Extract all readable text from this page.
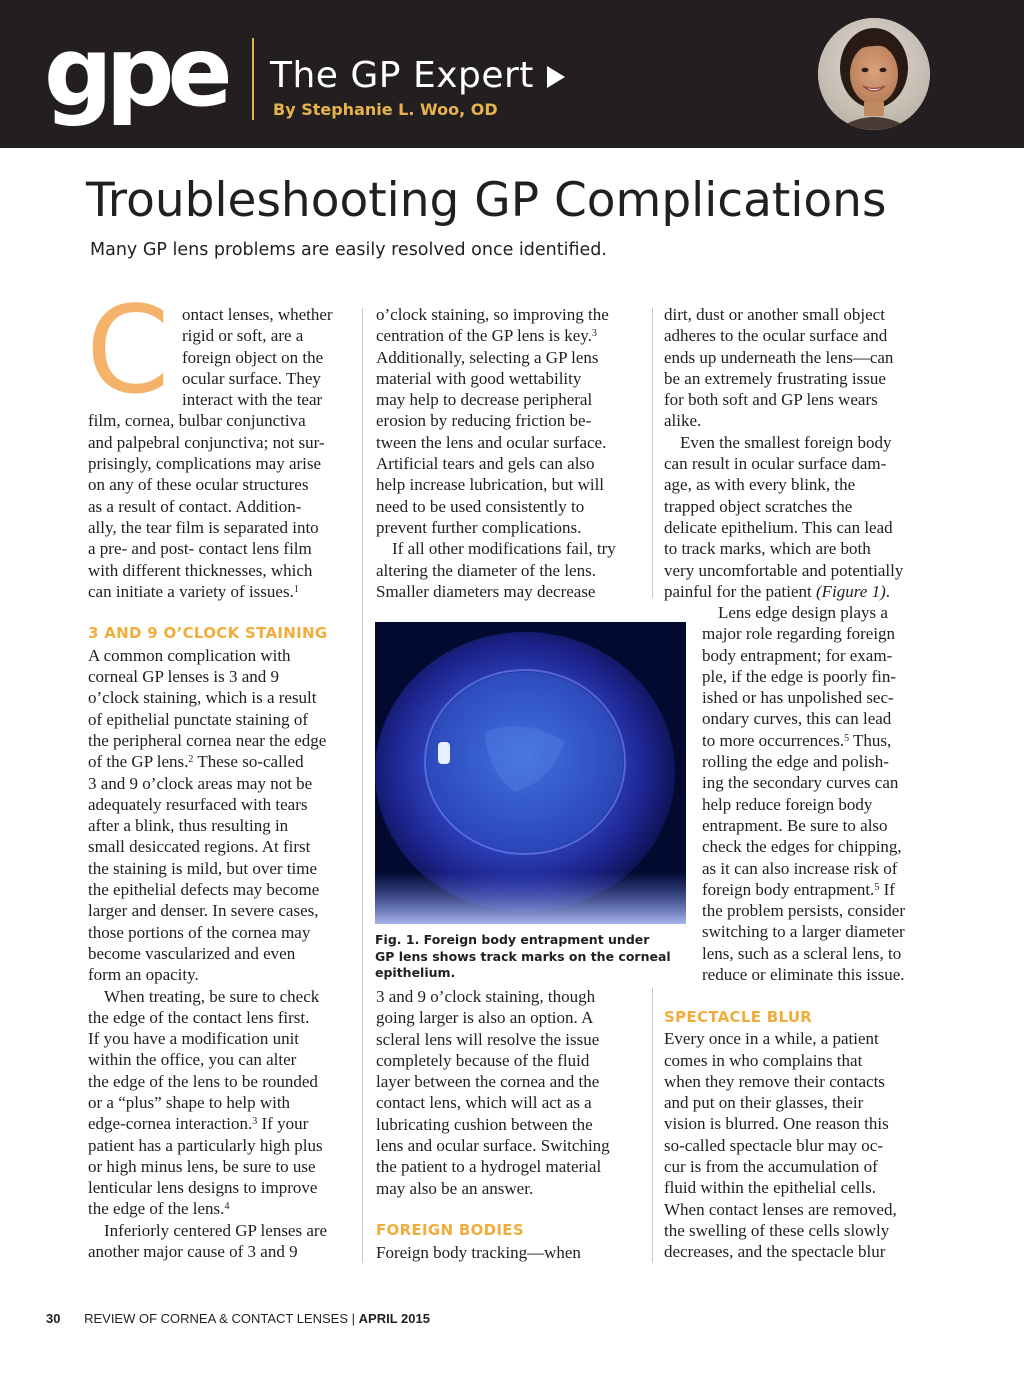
gpe The GP Expert
By Stephanie L. Woo, OD
Troubleshooting GP Complications
Many GP lens problems are easily resolved once identified.
C ontact lenses, whether
rigid or soft, are a
foreign object on the
ocular surface. They
interact with the tear
film, cornea, bulbar conjunctiva
and palpebral conjunctiva; not sur-
prisingly, complications may arise
on any of these ocular structures
as a result of contact. Addition-
ally, the tear film is separated into
a pre- and post- contact lens film
with different thicknesses, which
can initiate a variety of issues.$^1$
3 AND 9 O’CLOCK STAINING
A common complication with
corneal GP lenses is 3 and 9
o’clock staining, which is a result
of epithelial punctate staining of
the peripheral cornea near the edge
of the GP lens.$^2$ These so-called
3 and 9 o’clock areas may not be
adequately resurfaced with tears
after a blink, thus resulting in
small desiccated regions. At first
the staining is mild, but over time
the epithelial defects may become
larger and denser. In severe cases,
those portions of the cornea may
become vascularized and even
form an opacity.
When treating, be sure to check
the edge of the contact lens first.
If you have a modification unit
within the office, you can alter
the edge of the lens to be rounded
or a “plus” shape to help with
edge-cornea interaction.$^3$ If your
patient has a particularly high plus
or high minus lens, be sure to use
lenticular lens designs to improve
the edge of the lens.$^4$
Inferiorly centered GP lenses are
another major cause of 3 and 9
o’clock staining, so improving the
centration of the GP lens is key.$^3$
Additionally, selecting a GP lens
material with good wettability
may help to decrease peripheral
erosion by reducing friction be-
tween the lens and ocular surface.
Artificial tears and gels can also
help increase lubrication, but will
need to be used consistently to
prevent further complications.
If all other modifications fail, try
altering the diameter of the lens.
Smaller diameters may decrease
Fig. 1. Foreign body entrapment under
GP lens shows track marks on the corneal
epithelium.
3 and 9 o’clock staining, though
going larger is also an option. A
scleral lens will resolve the issue
completely because of the fluid
layer between the cornea and the
contact lens, which will act as a
lubricating cushion between the
lens and ocular surface. Switching
the patient to a hydrogel material
may also be an answer.
FOREIGN BODIES
Foreign body tracking—when
dirt, dust or another small object
adheres to the ocular surface and
ends up underneath the lens—can
be an extremely frustrating issue
for both soft and GP lens wears
alike.
Even the smallest foreign body
can result in ocular surface dam-
age, as with every blink, the
trapped object scratches the
delicate epithelium. This can lead
to track marks, which are both
very uncomfortable and potentially
painful for the patient (Figure 1).
Lens edge design plays a
major role regarding foreign
body entrapment; for exam-
ple, if the edge is poorly fin-
ished or has unpolished sec-
ondary curves, this can lead
to more occurrences.$^5$ Thus,
rolling the edge and polish-
ing the secondary curves can
help reduce foreign body
entrapment. Be sure to also
check the edges for chipping,
as it can also increase risk of
foreign body entrapment.$^5$ If
the problem persists, consider
switching to a larger diameter
lens, such as a scleral lens, to
reduce or eliminate this issue.
SPECTACLE BLUR
Every once in a while, a patient
comes in who complains that
when they remove their contacts
and put on their glasses, their
vision is blurred. One reason this
so-called spectacle blur may oc-
cur is from the accumulation of
fluid within the epithelial cells.
When contact lenses are removed,
the swelling of these cells slowly
decreases, and the spectacle blur
30 REVIEW OF CORNEA & CONTACT LENSES | APRIL 2015
